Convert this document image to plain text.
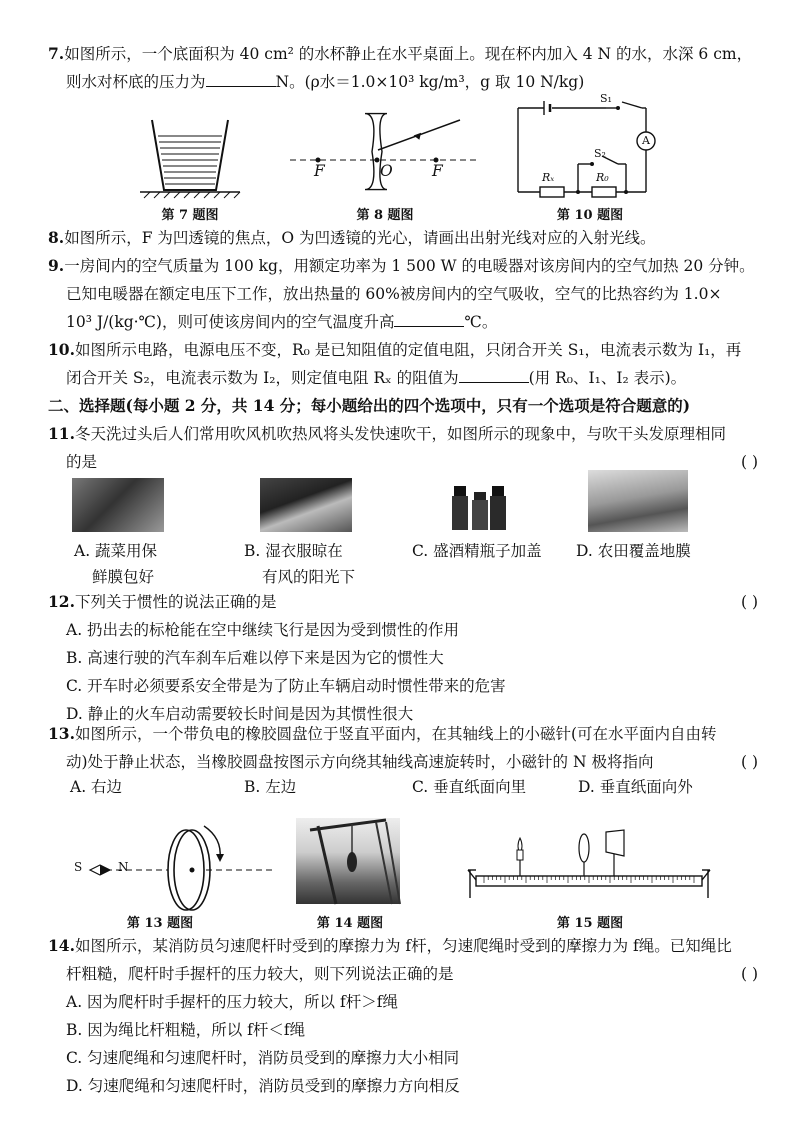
7.如图所示，一个底面积为 40 cm² 的水杯静止在水平桌面上。现在杯内加入 4 N 的水，水深 6 cm，
则水对杯底的压力为	N。(ρ水＝1.0×10³ kg/m³，g 取 10 N/kg)
第 7 题图
F	O	F
第 8 题图
S₁
S₂
A
Rₓ	R₀
第 10 题图
8.如图所示，F 为凹透镜的焦点，O 为凹透镜的光心，请画出出射光线对应的入射光线。
9.一房间内的空气质量为 100 kg，用额定功率为 1 500 W 的电暖器对该房间内的空气加热 20 分钟。
已知电暖器在额定电压下工作，放出热量的 60%被房间内的空气吸收，空气的比热容约为 1.0×
10³ J/(kg·℃)，则可使该房间内的空气温度升高	℃。
10.如图所示电路，电源电压不变，R₀ 是已知阻值的定值电阻，只闭合开关 S₁，电流表示数为 I₁，再
闭合开关 S₂，电流表示数为 I₂，则定值电阻 Rₓ 的阻值为	(用 R₀、I₁、I₂ 表示)。
二、选择题(每小题 2 分，共 14 分；每小题给出的四个选项中，只有一个选项是符合题意的)
11.冬天洗过头后人们常用吹风机吹热风将头发快速吹干，如图所示的现象中，与吹干头发原理相同
的是	( )
A. 蔬菜用保
鲜膜包好
B. 湿衣服晾在
有风的阳光下
C. 盛酒精瓶子加盖 D. 农田覆盖地膜
12.下列关于惯性的说法正确的是	( )
A. 扔出去的标枪能在空中继续飞行是因为受到惯性的作用
B. 高速行驶的汽车刹车后难以停下来是因为它的惯性大
C. 开车时必须要系安全带是为了防止车辆启动时惯性带来的危害
D. 静止的火车启动需要较长时间是因为其惯性很大
13.如图所示，一个带负电的橡胶圆盘位于竖直平面内，在其轴线上的小磁针(可在水平面内自由转
动)处于静止状态，当橡胶圆盘按图示方向绕其轴线高速旋转时，小磁针的 N 极将指向	( )
A. 右边	B. 左边	C. 垂直纸面向里	D. 垂直纸面向外
S	N
第 13 题图	第 14 题图	第 15 题图
14.如图所示，某消防员匀速爬杆时受到的摩擦力为 f杆，匀速爬绳时受到的摩擦力为 f绳。已知绳比
杆粗糙，爬杆时手握杆的压力较大，则下列说法正确的是	( )
A. 因为爬杆时手握杆的压力较大，所以 f杆＞f绳
B. 因为绳比杆粗糙，所以 f杆＜f绳
C. 匀速爬绳和匀速爬杆时，消防员受到的摩擦力大小相同
D. 匀速爬绳和匀速爬杆时，消防员受到的摩擦力方向相反
